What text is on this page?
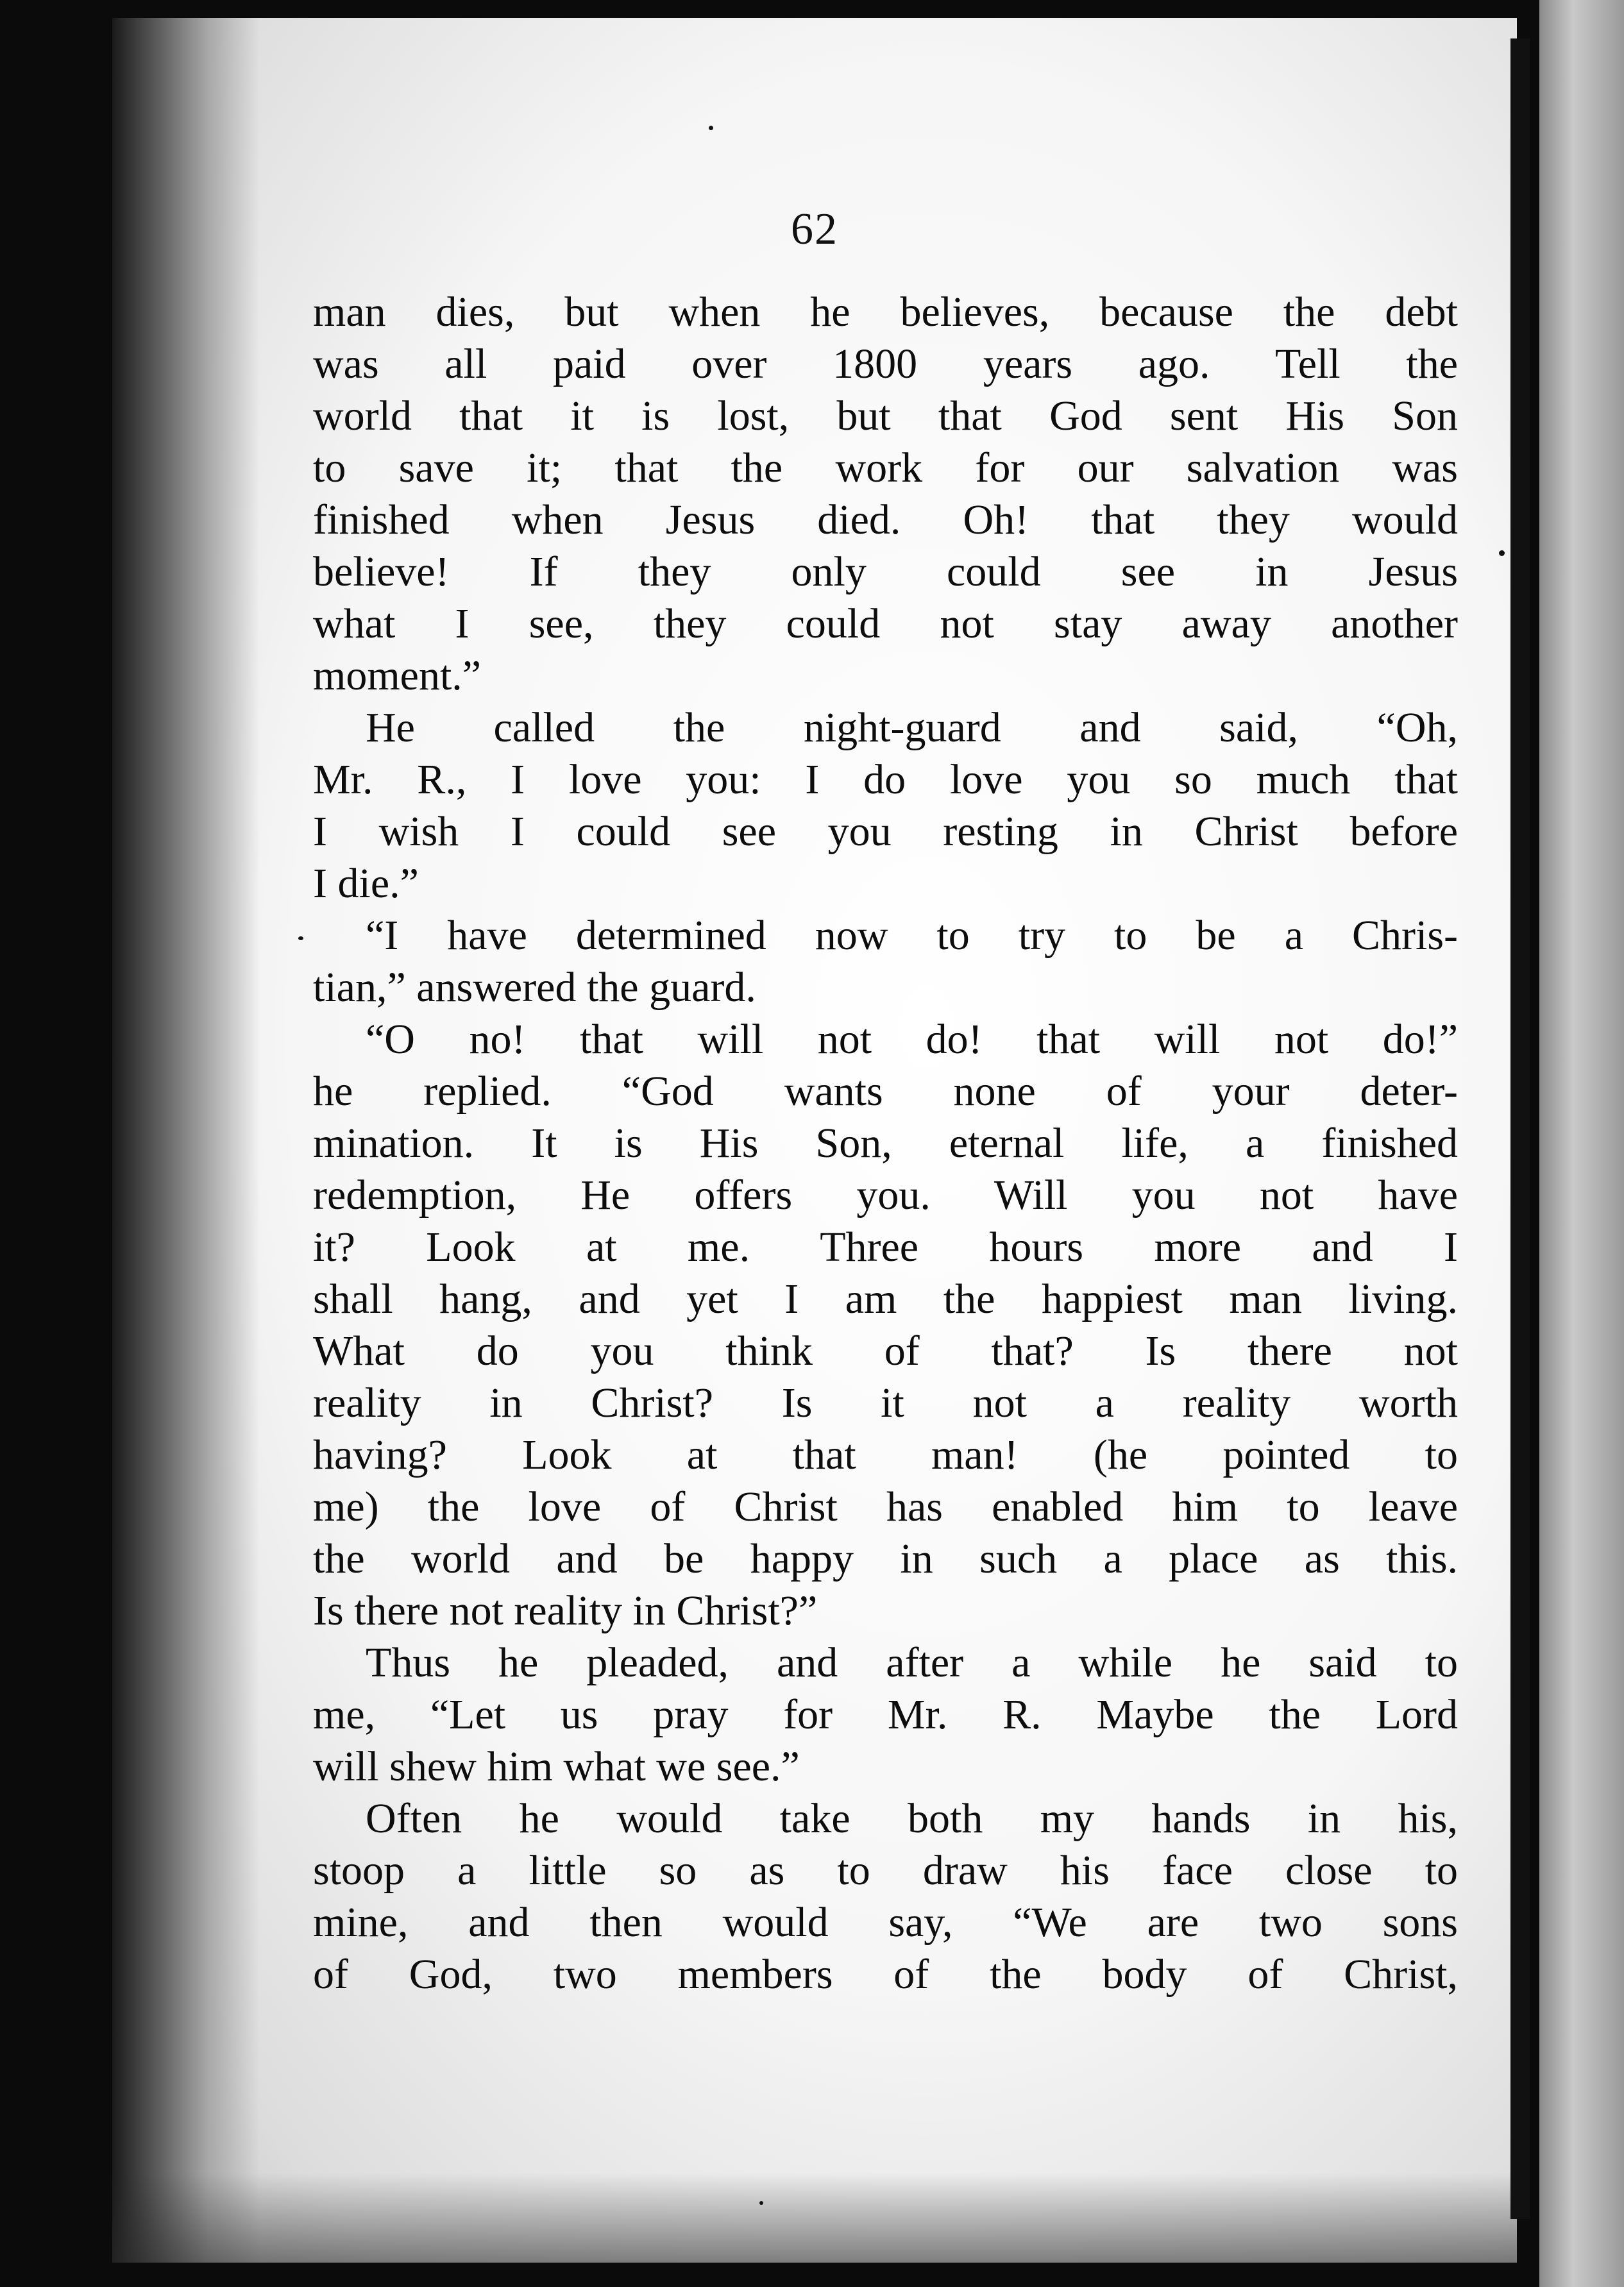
62
man dies, but when he believes, because the debt
was all paid over 1800 years ago. Tell the
world that it is lost, but that God sent His Son
to save it; that the work for our salvation was
finished when Jesus died. Oh! that they would
believe! If they only could see in Jesus
what I see, they could not stay away another
moment.”
He called the night-guard and said, “Oh,
Mr. R., I love you: I do love you so much that
I wish I could see you resting in Christ before
I die.”
“I have determined now to try to be a Chris-
tian,” answered the guard.
“O no! that will not do! that will not do!”
he replied. “God wants none of your deter-
mination. It is His Son, eternal life, a finished
redemption, He offers you. Will you not have
it? Look at me. Three hours more and I
shall hang, and yet I am the happiest man living.
What do you think of that? Is there not
reality in Christ? Is it not a reality worth
having? Look at that man! (he pointed to
me) the love of Christ has enabled him to leave
the world and be happy in such a place as this.
Is there not reality in Christ?”
Thus he pleaded, and after a while he said to
me, “Let us pray for Mr. R. Maybe the Lord
will shew him what we see.”
Often he would take both my hands in his,
stoop a little so as to draw his face close to
mine, and then would say, “We are two sons
of God, two members of the body of Christ,
